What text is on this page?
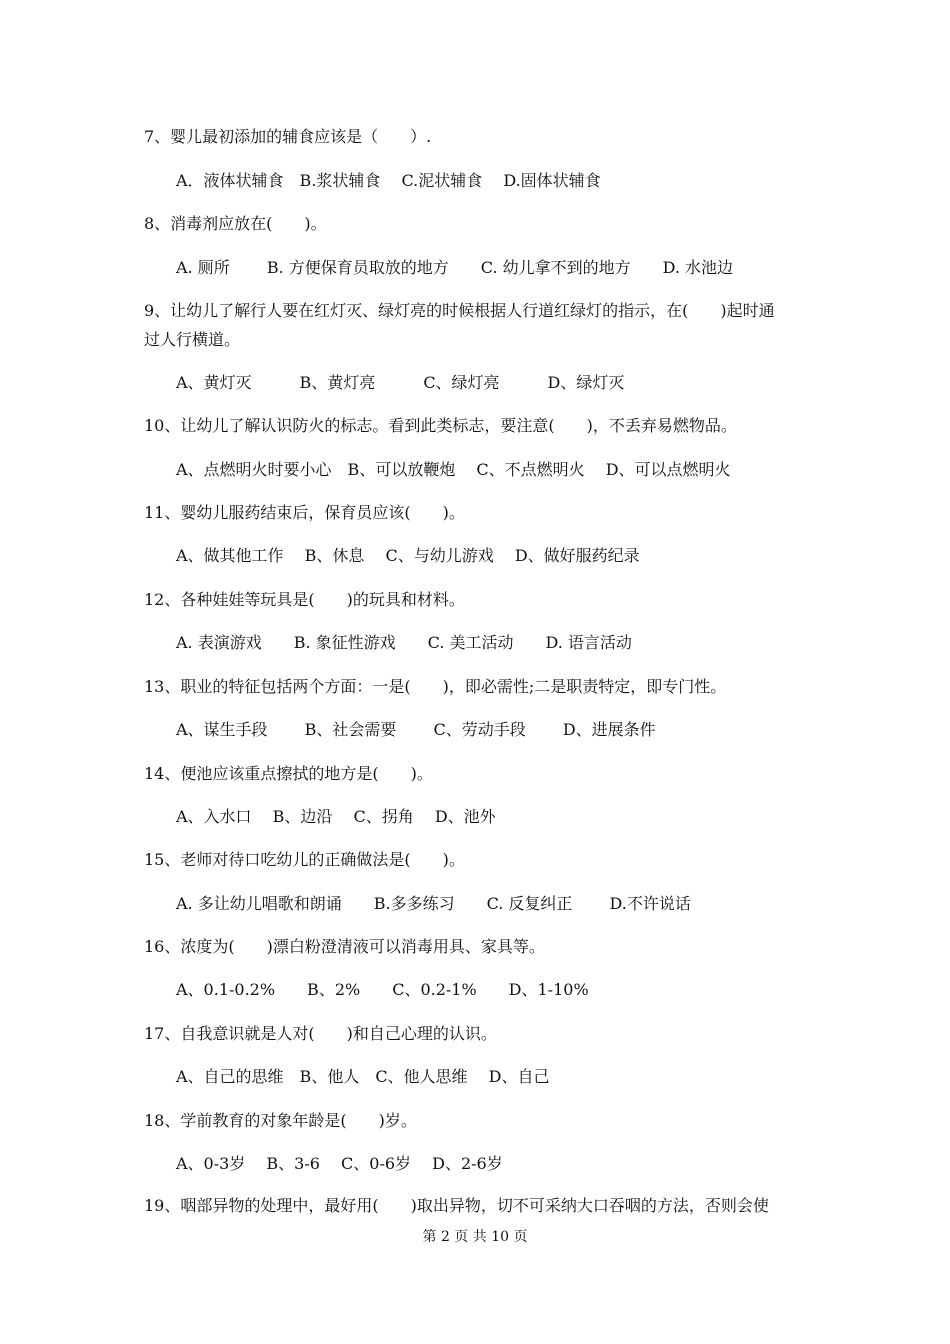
7、婴儿最初添加的辅食应该是（　　）.
A．液体状辅食　B.浆状辅食　 C.泥状辅食　 D.固体状辅食
8、消毒剂应放在(　　)。
A. 厕所　　 B. 方便保育员取放的地方　　C. 幼儿拿不到的地方　　D. 水池边
9、让幼儿了解行人要在红灯灭、绿灯亮的时候根据人行道红绿灯的指示，在(　　)起时通
过人行横道。
A、黄灯灭　　　B、黄灯亮　　　C、绿灯亮　　　D、绿灯灭
10、让幼儿了解认识防火的标志。看到此类标志，要注意(　　)，不丢弃易燃物品。
A、点燃明火时要小心　B、可以放鞭炮　 C、不点燃明火　 D、可以点燃明火
11、婴幼儿服药结束后，保育员应该(　　)。
A、做其他工作　 B、休息　 C、与幼儿游戏　 D、做好服药纪录
12、各种娃娃等玩具是(　　)的玩具和材料。
A. 表演游戏　　B. 象征性游戏　　C. 美工活动　　D. 语言活动
13、职业的特征包括两个方面：一是(　　)，即必需性;二是职责特定，即专门性。
A、谋生手段　　 B、社会需要　　 C、劳动手段　　 D、进展条件
14、便池应该重点擦拭的地方是(　　)。
A、入水口　 B、边沿　 C、拐角　 D、池外
15、老师对待口吃幼儿的正确做法是(　　)。
A. 多让幼儿唱歌和朗诵　　B.多多练习　　C. 反复纠正　　 D.不许说话
16、浓度为(　　)漂白粉澄清液可以消毒用具、家具等。
A、0.1-0.2%　　B、2%　　C、0.2-1%　　D、1-10%
17、自我意识就是人对(　　)和自己心理的认识。
A、自己的思维　B、他人　C、他人思维　 D、自己
18、学前教育的对象年龄是(　　)岁。
A、0-3岁　 B、3-6　 C、0-6岁　 D、2-6岁
19、咽部异物的处理中，最好用(　　)取出异物，切不可采纳大口吞咽的方法，否则会使
第 2 页 共 10 页
